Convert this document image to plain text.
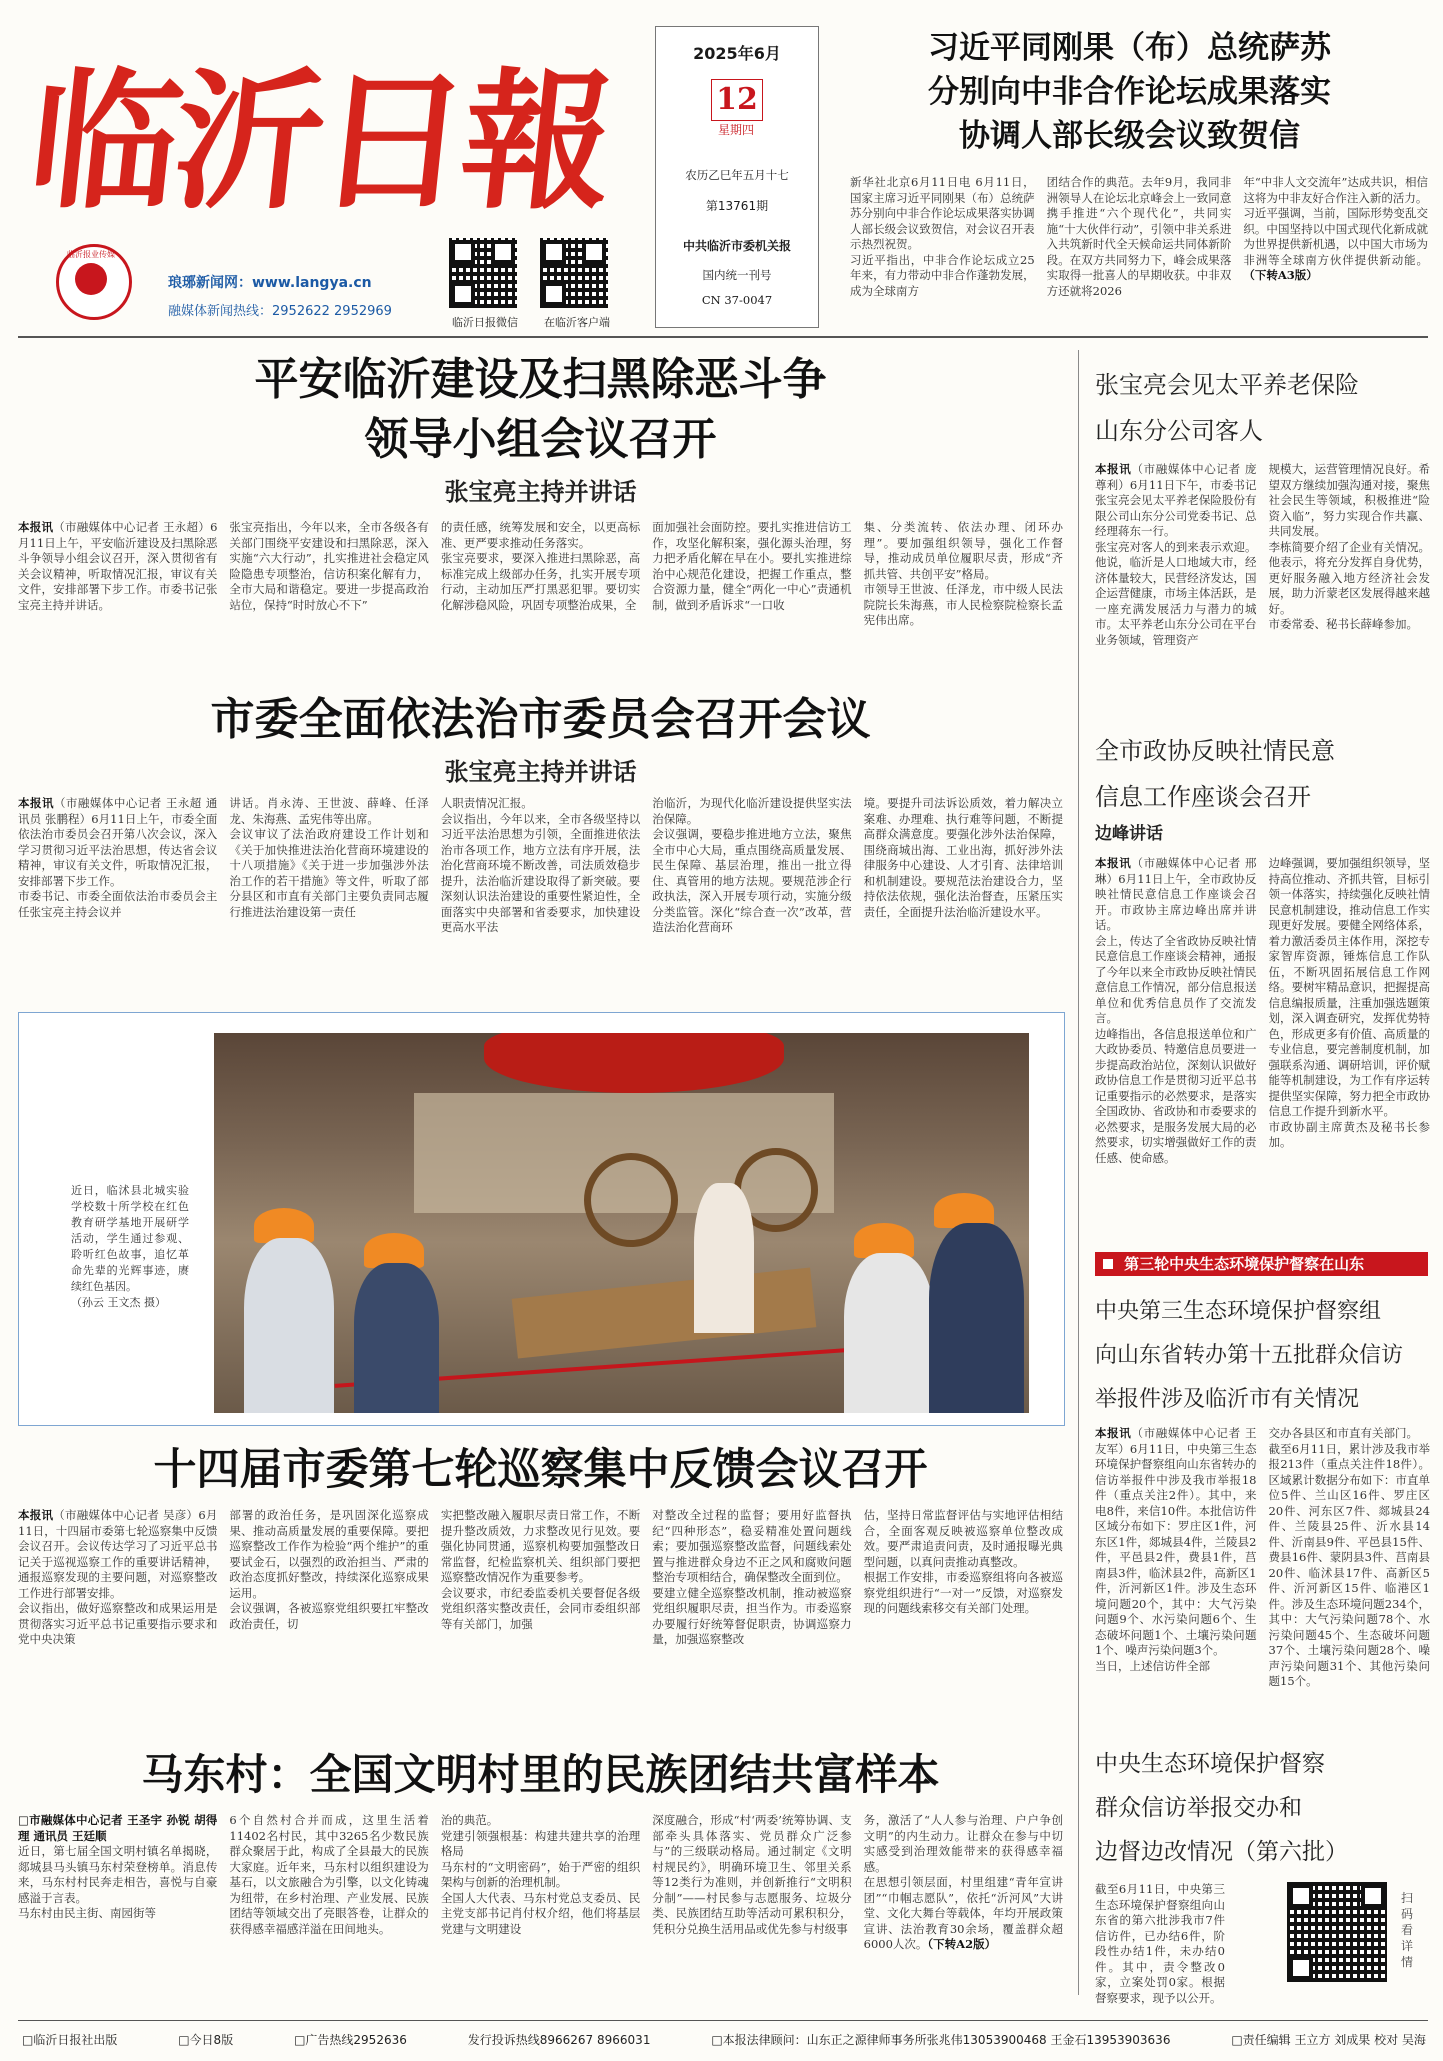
临沂日報
临沂报业传媒
琅琊新闻网：www.langya.cn
融媒体新闻热线：2952622 2952969
临沂日报微信	在临沂客户端
2025年6月
12
星期四
农历乙巳年五月十七
第13761期
中共临沂市委机关报
国内统一刊号
CN 37-0047
习近平同刚果（布）总统萨苏
分别向中非合作论坛成果落实
协调人部长级会议致贺信
新华社北京6月11日电 6月11日，国家主席习近平同刚果（布）总统萨苏分别向中非合作论坛成果落实协调人部长级会议致贺信，对会议召开表示热烈祝贺。
习近平指出，中非合作论坛成立25年来，有力带动中非合作蓬勃发展，成为全球南方
团结合作的典范。去年9月，我同非洲领导人在论坛北京峰会上一致同意携手推进“六个现代化”，共同实施“十大伙伴行动”，引领中非关系进入共筑新时代全天候命运共同体新阶段。在双方共同努力下，峰会成果落实取得一批喜人的早期收获。中非双方还就将2026
年“中非人文交流年”达成共识，相信这将为中非友好合作注入新的活力。
习近平强调，当前，国际形势变乱交织。中国坚持以中国式现代化新成就为世界提供新机遇，以中国大市场为非洲等全球南方伙伴提供新动能。（下转A3版）
平安临沂建设及扫黑除恶斗争
领导小组会议召开
张宝亮主持并讲话
本报讯（市融媒体中心记者 王永超）6月11日上午，平安临沂建设及扫黑除恶斗争领导小组会议召开，深入贯彻省有关会议精神，听取情况汇报，审议有关文件，安排部署下步工作。市委书记张宝亮主持并讲话。
张宝亮指出，今年以来，全市各级各有关部门围绕平安建设和扫黑除恶，深入实施“六大行动”，扎实推进社会稳定风险隐患专项整治，信访积案化解有力，全市大局和谐稳定。要进一步提高政治站位，保持“时时放心不下”
的责任感，统筹发展和安全，以更高标准、更严要求推动任务落实。
张宝亮要求，要深入推进扫黑除恶，高标准完成上级部办任务，扎实开展专项行动，主动加压严打黑恶犯罪。要切实化解涉稳风险，巩固专项整治成果，全
面加强社会面防控。要扎实推进信访工作，攻坚化解积案，强化源头治理，努力把矛盾化解在早在小。要扎实推进综治中心规范化建设，把握工作重点，整合资源力量，健全“两化一中心”责通机制，做到矛盾诉求“一口收
集、分类流转、依法办理、闭环办理”。要加强组织领导，强化工作督导，推动成员单位履职尽责，形成“齐抓共管、共创平安”格局。
市领导王世波、任泽龙，市中级人民法院院长朱海燕，市人民检察院检察长孟宪伟出席。
市委全面依法治市委员会召开会议
张宝亮主持并讲话
本报讯（市融媒体中心记者 王永超 通讯员 张鹏程）6月11日上午，市委全面依法治市委员会召开第八次会议，深入学习贯彻习近平法治思想，传达省会议精神，审议有关文件，听取情况汇报，安排部署下步工作。
市委书记、市委全面依法治市委员会主任张宝亮主持会议并
讲话。肖永涛、王世波、薛峰、任泽龙、朱海燕、孟宪伟等出席。
会议审议了法治政府建设工作计划和《关于加快推进法治化营商环境建设的十八项措施》《关于进一步加强涉外法治工作的若干措施》等文件，听取了部分县区和市直有关部门主要负责同志履行推进法治建设第一责任
人职责情况汇报。
会议指出，今年以来，全市各级坚持以习近平法治思想为引领，全面推进依法治市各项工作，地方立法有序开展，法治化营商环境不断改善，司法质效稳步提升，法治临沂建设取得了新突破。要深刻认识法治建设的重要性紧迫性，全面落实中央部署和省委要求，加快建设更高水平法
治临沂，为现代化临沂建设提供坚实法治保障。
会议强调，要稳步推进地方立法，聚焦全市中心大局，重点围绕高质量发展、民生保障、基层治理，推出一批立得住、真管用的地方法规。要规范涉企行政执法，深入开展专项行动，实施分级分类监管。深化“综合查一次”改革，营造法治化营商环
境。要提升司法诉讼质效，着力解决立案难、办理难、执行难等问题，不断提高群众满意度。要强化涉外法治保障，围绕商城出海、工业出海，抓好涉外法律服务中心建设、人才引育、法律培训和机制建设。要规范法治建设合力，坚持依法依规，强化法治督查，压紧压实责任，全面提升法治临沂建设水平。
近日，临沭县北城实验学校数十所学校在红色教育研学基地开展研学活动，学生通过参观、聆听红色故事，追忆革命先辈的光辉事迹，赓续红色基因。
（孙云 王文杰 摄）
十四届市委第七轮巡察集中反馈会议召开
本报讯（市融媒体中心记者 吴彦）6月11日，十四届市委第七轮巡察集中反馈会议召开。会议传达学习了习近平总书记关于巡视巡察工作的重要讲话精神，通报巡察发现的主要问题，对巡察整改工作进行部署安排。
会议指出，做好巡察整改和成果运用是贯彻落实习近平总书记重要指示要求和党中央决策
部署的政治任务，是巩固深化巡察成果、推动高质量发展的重要保障。要把巡察整改工作作为检验“两个维护”的重要试金石，以强烈的政治担当、严肃的政治态度抓好整改，持续深化巡察成果运用。
会议强调，各被巡察党组织要扛牢整改政治责任，切
实把整改融入履职尽责日常工作，不断提升整改质效，力求整改见行见效。要强化协同贯通，巡察机构要加强整改日常监督，纪检监察机关、组织部门要把巡察整改情况作为重要参考。
会议要求，市纪委监委机关要督促各级党组织落实整改责任，会同市委组织部等有关部门，加强
对整改全过程的监督；要用好监督执纪“四种形态”，稳妥精准处置问题线索；要加强巡察整改监督，问题线索处置与推进群众身边不正之风和腐败问题整治专项相结合，确保整改全面到位。
要建立健全巡察整改机制，推动被巡察党组织履职尽责，担当作为。市委巡察办要履行好统筹督促职责，协调巡察力量，加强巡察整改
估，坚持日常监督评估与实地评估相结合，全面客观反映被巡察单位整改成效。要严肃追责问责，及时通报曝光典型问题，以真问责推动真整改。
根据工作安排，市委巡察组将向各被巡察党组织进行“一对一”反馈，对巡察发现的问题线索移交有关部门处理。
马东村：全国文明村里的民族团结共富样本
□市融媒体中心记者 王圣宇 孙锐 胡得理 通讯员 王廷顺
近日，第七届全国文明村镇名单揭晓，郯城县马头镇马东村荣登榜单。消息传来，马东村村民奔走相告，喜悦与自豪感溢于言表。
马东村由民主街、南园街等
6个自然村合并而成，这里生活着11402名村民，其中3265名少数民族群众聚居于此，构成了全县最大的民族大家庭。近年来，马东村以组织建设为基石，以文旅融合为引擎，以文化铸魂为纽带，在乡村治理、产业发展、民族团结等领域交出了亮眼答卷，让群众的获得感幸福感洋溢在田间地头。
治的典范。
党建引领强根基：构建共建共享的治理格局
马东村的“文明密码”，始于严密的组织架构与创新的治理机制。
全国人大代表、马东村党总支委员、民主党支部书记肖付权介绍，他们将基层党建与文明建设
深度融合，形成“村‘两委’统筹协调、支部牵头具体落实、党员群众广泛参与”的三级联动格局。通过制定《文明村规民约》，明确环境卫生、邻里关系等12类行为准则，并创新推行“文明积分制”——村民参与志愿服务、垃圾分类、民族团结互助等活动可累积积分，凭积分兑换生活用品或优先参与村级事
务，激活了“人人参与治理、户户争创文明”的内生动力。让群众在参与中切实感受到治理效能带来的获得感幸福感。
在思想引领层面，村里组建“青年宣讲团”“巾帼志愿队”，依托“沂河风”大讲堂、文化大舞台等载体，年均开展政策宣讲、法治教育30余场，覆盖群众超6000人次。（下转A2版）
张宝亮会见太平养老保险
山东分公司客人
本报讯（市融媒体中心记者 庞尊利）6月11日下午，市委书记张宝亮会见太平养老保险股份有限公司山东分公司党委书记、总经理蒋东一行。
张宝亮对客人的到来表示欢迎。他说，临沂是人口地域大市，经济体量较大，民营经济发达，国企运营健康，市场主体活跃，是一座充满发展活力与潜力的城市。太平养老山东分公司在平台业务领域，管理资产
规模大，运营管理情况良好。希望双方继续加强沟通对接，聚焦社会民生等领域，积极推进“险资入临”，努力实现合作共赢、共同发展。
李栋简要介绍了企业有关情况。他表示，将充分发挥自身优势，更好服务融入地方经济社会发展，助力沂蒙老区发展得越来越好。
市委常委、秘书长薛峰参加。
全市政协反映社情民意
信息工作座谈会召开
边峰讲话
本报讯（市融媒体中心记者 邢琳）6月11日上午，全市政协反映社情民意信息工作座谈会召开。市政协主席边峰出席并讲话。
会上，传达了全省政协反映社情民意信息工作座谈会精神，通报了今年以来全市政协反映社情民意信息工作情况，部分信息报送单位和优秀信息员作了交流发言。
边峰指出，各信息报送单位和广大政协委员、特邀信息员要进一步提高政治站位，深刻认识做好政协信息工作是贯彻习近平总书记重要指示的必然要求，是落实全国政协、省政协和市委要求的必然要求，是服务发展大局的必然要求，切实增强做好工作的责任感、使命感。
边峰强调，要加强组织领导，坚持高位推动、齐抓共管，目标引领一体落实，持续强化反映社情民意机制建设，推动信息工作实现更好发展。要健全网络体系，着力激活委员主体作用，深挖专家智库资源，锤炼信息工作队伍，不断巩固拓展信息工作网络。要树牢精品意识，把握提高信息编报质量，注重加强选题策划，深入调查研究，发挥优势特色，形成更多有价值、高质量的专业信息，要完善制度机制，加强联系沟通、调研培训，评价赋能等机制建设，为工作有序运转提供坚实保障，努力把全市政协信息工作提升到新水平。
市政协副主席黄杰及秘书长参加。
第三轮中央生态环境保护督察在山东
中央第三生态环境保护督察组
向山东省转办第十五批群众信访
举报件涉及临沂市有关情况
本报讯（市融媒体中心记者 王友军）6月11日，中央第三生态环境保护督察组向山东省转办的信访举报件中涉及我市举报18件（重点关注2件）。其中，来电8件，来信10件。本批信访件区域分布如下：罗庄区1件，河东区1件，郯城县4件，兰陵县2件，平邑县2件，费县1件，莒南县3件，临沭县2件，高新区1件，沂河新区1件。涉及生态环境问题20个，其中：大气污染问题9个、水污染问题6个、生态破坏问题1个、土壤污染问题1个、噪声污染问题3个。
当日，上述信访件全部
交办各县区和市直有关部门。
截至6月11日，累计涉及我市举报213件（重点关注件18件）。区域累计数据分布如下：市直单位5件、兰山区16件、罗庄区20件、河东区7件、郯城县24件、兰陵县25件、沂水县14件、沂南县9件、平邑县15件、费县16件、蒙阴县3件、莒南县20件、临沭县17件、高新区5件、沂河新区15件、临港区1件。涉及生态环境问题234个，其中：大气污染问题78个、水污染问题45个、生态破坏问题37个、土壤污染问题28个、噪声污染问题31个、其他污染问题15个。
中央生态环境保护督察
群众信访举报交办和
边督边改情况（第六批）
截至6月11日，中央第三生态环境保护督察组向山东省的第六批涉我市7件信访件，已办结6件，阶段性办结1件，未办结0件。其中，责令整改0家，立案处罚0家。根据督察要求，现予以公开。
扫码看详情
□临沂日报社出版	□今日8版	□广告热线2952636	发行投诉热线8966267 8966031	□本报法律顾问：山东正之源律师事务所张兆伟13053900468 王金石13953903636	□责任编辑 王立方 刘成果 校对 吴海
